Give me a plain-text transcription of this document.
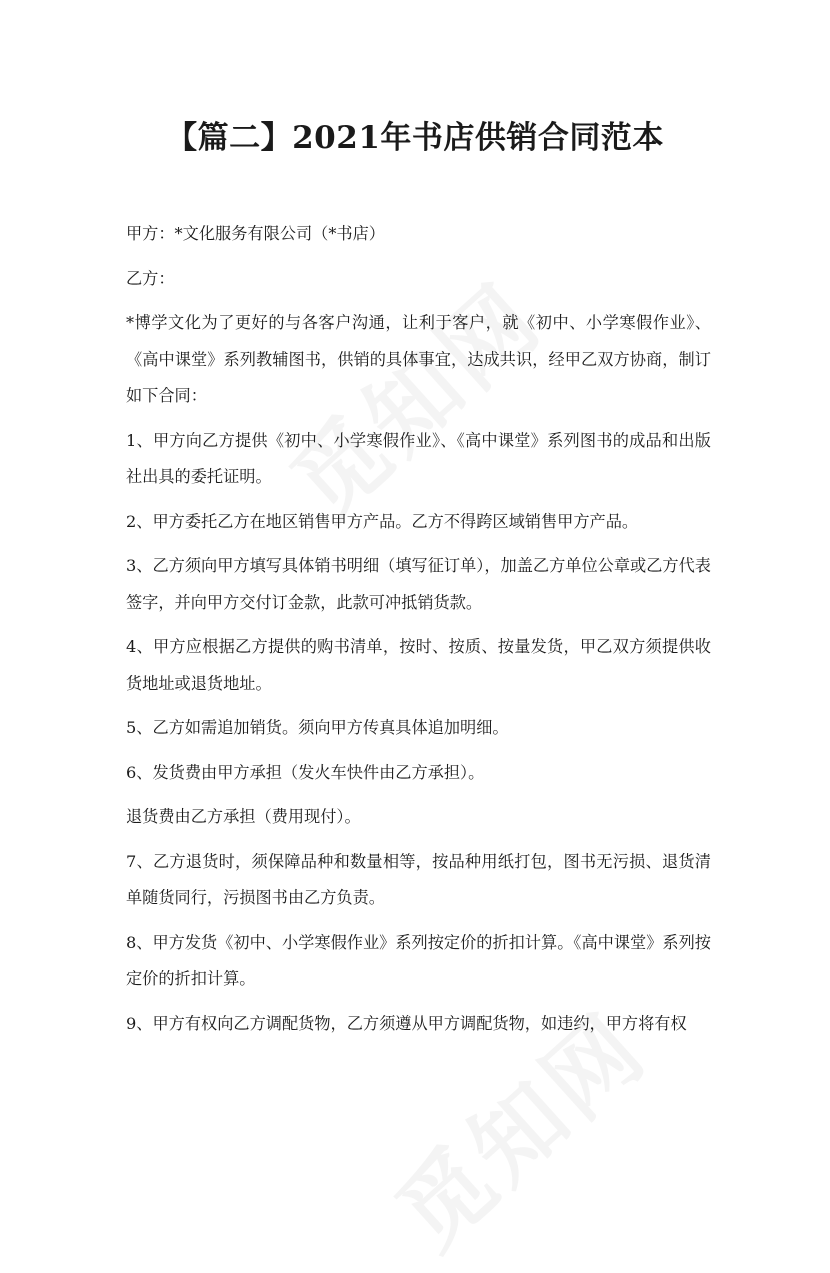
【篇二】2021年书店供销合同范本

甲方：*文化服务有限公司（*书店）

乙方：

*博学文化为了更好的与各客户沟通，让利于客户，就《初中、小学寒假作业》、《高中课堂》系列教辅图书，供销的具体事宜，达成共识，经甲乙双方协商，制订如下合同：

1、甲方向乙方提供《初中、小学寒假作业》、《高中课堂》系列图书的成品和出版社出具的委托证明。

2、甲方委托乙方在地区销售甲方产品。乙方不得跨区域销售甲方产品。

3、乙方须向甲方填写具体销书明细（填写征订单），加盖乙方单位公章或乙方代表签字，并向甲方交付订金款，此款可冲抵销货款。

4、甲方应根据乙方提供的购书清单，按时、按质、按量发货，甲乙双方须提供收货地址或退货地址。

5、乙方如需追加销货。须向甲方传真具体追加明细。

6、发货费由甲方承担（发火车快件由乙方承担）。

退货费由乙方承担（费用现付）。

7、乙方退货时，须保障品种和数量相等，按品种用纸打包，图书无污损、退货清单随货同行，污损图书由乙方负责。

8、甲方发货《初中、小学寒假作业》系列按定价的折扣计算。《高中课堂》系列按定价的折扣计算。

9、甲方有权向乙方调配货物，乙方须遵从甲方调配货物，如违约，甲方将有权
